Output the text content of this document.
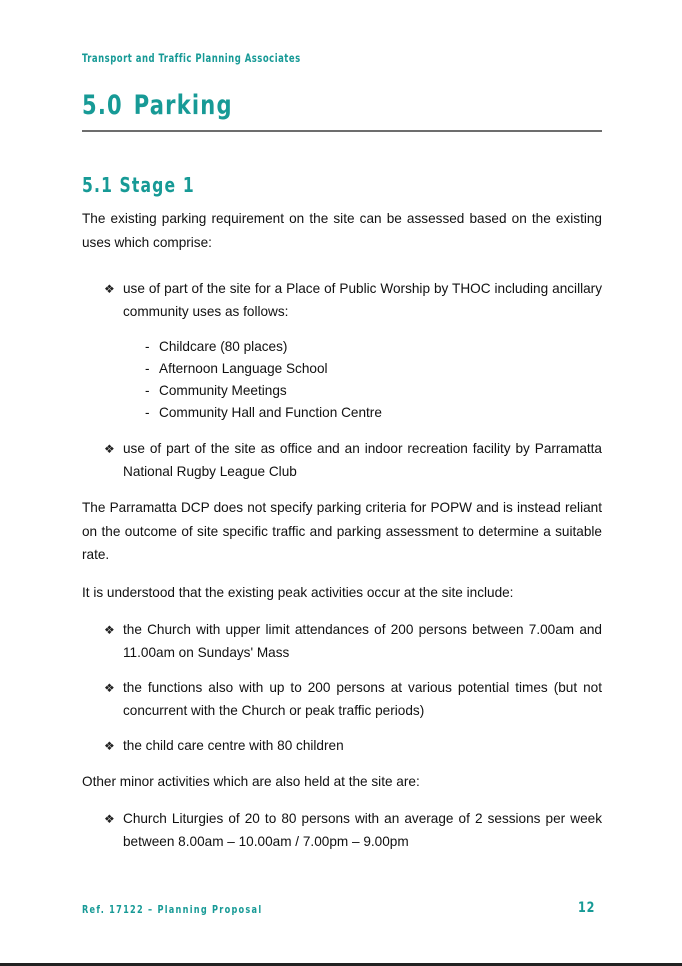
Transport and Traffic Planning Associates
5.0 Parking
5.1 Stage 1

The existing parking requirement on the site can be assessed based on the existing uses which comprise:

❖ use of part of the site for a Place of Public Worship by THOC including ancillary community uses as follows:
- Childcare (80 places)
- Afternoon Language School
- Community Meetings
- Community Hall and Function Centre
❖ use of part of the site as office and an indoor recreation facility by Parramatta National Rugby League Club

The Parramatta DCP does not specify parking criteria for POPW and is instead reliant on the outcome of site specific traffic and parking assessment to determine a suitable rate.

It is understood that the existing peak activities occur at the site include:

❖ the Church with upper limit attendances of 200 persons between 7.00am and 11.00am on Sundays' Mass
❖ the functions also with up to 200 persons at various potential times (but not concurrent with the Church or peak traffic periods)
❖ the child care centre with 80 children

Other minor activities which are also held at the site are:

❖ Church Liturgies of 20 to 80 persons with an average of 2 sessions per week between 8.00am – 10.00am / 7.00pm – 9.00pm
Ref. 17122 – Planning Proposal	12
